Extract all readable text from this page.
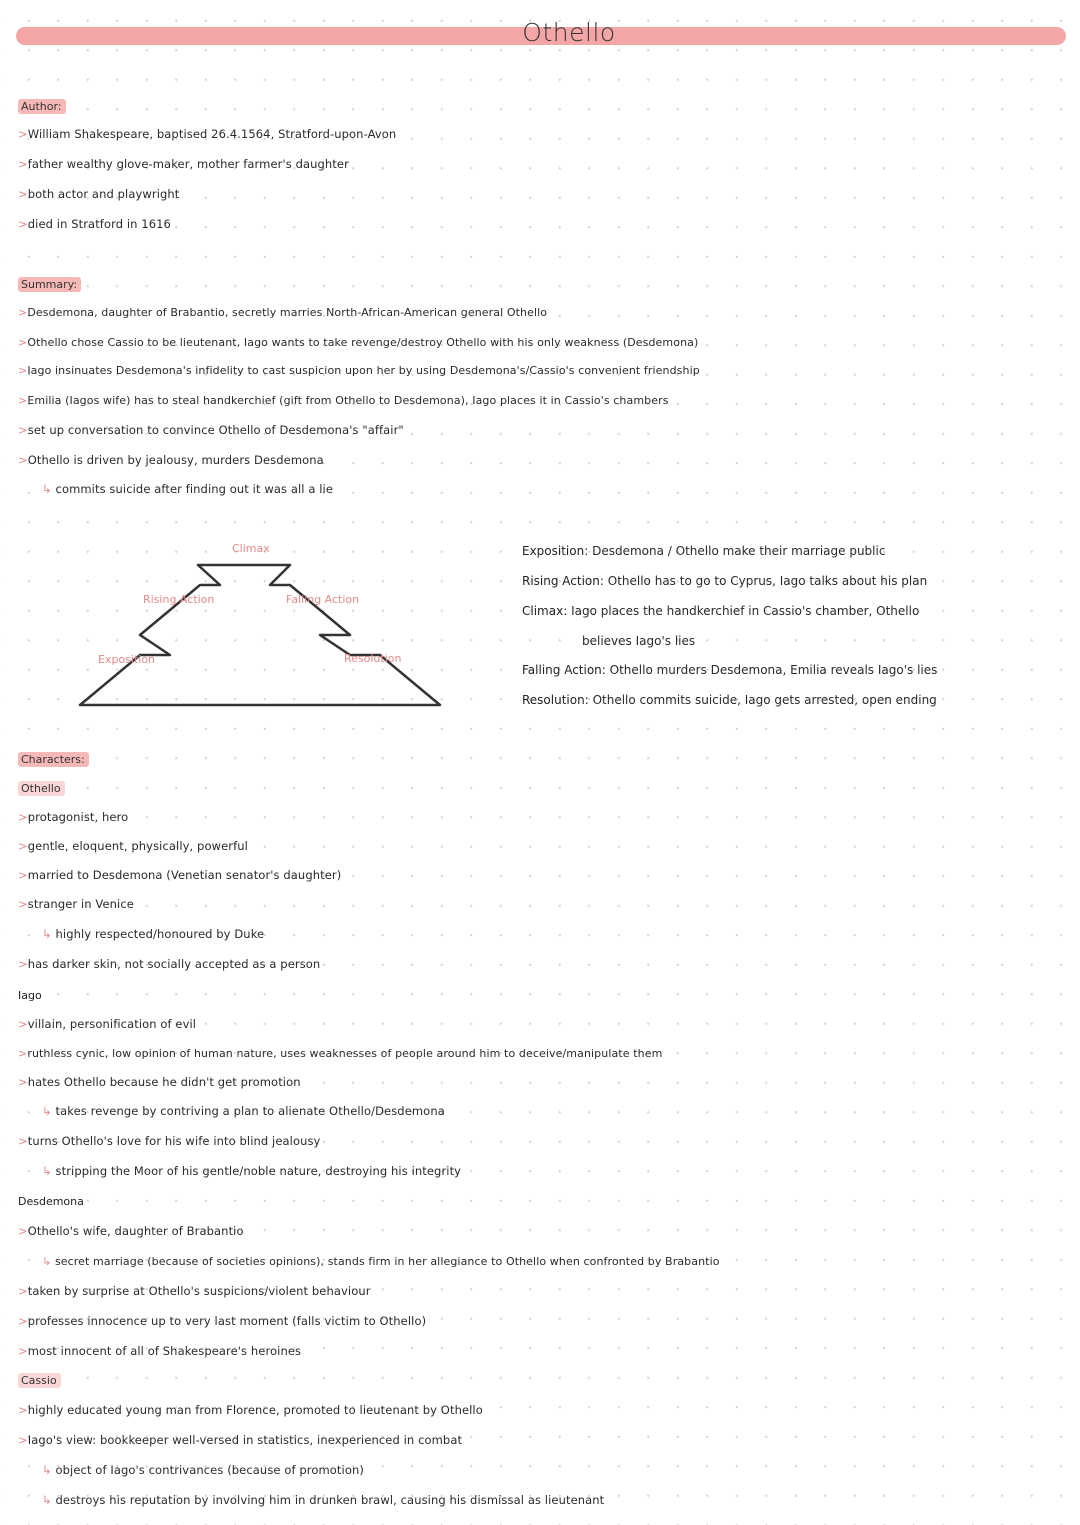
Othello
Author:
>William Shakespeare, baptised 26.4.1564, Stratford-upon-Avon
>father wealthy glove-maker, mother farmer's daughter
>both actor and playwright
>died in Stratford in 1616
Summary:
>Desdemona, daughter of Brabantio, secretly marries North-African-American general Othello
>Othello chose Cassio to be lieutenant, Iago wants to take revenge/destroy Othello with his only weakness (Desdemona)
>Iago insinuates Desdemona's infidelity to cast suspicion upon her by using Desdemona's/Cassio's convenient friendship
>Emilia (Iagos wife) has to steal handkerchief (gift from Othello to Desdemona), Iago places it in Cassio's chambers
>set up conversation to convince Othello of Desdemona's "affair"
>Othello is driven by jealousy, murders Desdemona
↳ commits suicide after finding out it was all a lie
Climax
Rising Action	Falling Action
Exposition	Resolution
Exposition: Desdemona / Othello make their marriage public
Rising Action: Othello has to go to Cyprus, Iago talks about his plan
Climax: Iago places the handkerchief in Cassio's chamber, Othello
believes Iago's lies
Falling Action: Othello murders Desdemona, Emilia reveals Iago's lies
Resolution: Othello commits suicide, Iago gets arrested, open ending
Characters:
Othello
>protagonist, hero
>gentle, eloquent, physically, powerful
>married to Desdemona (Venetian senator's daughter)
>stranger in Venice
↳ highly respected/honoured by Duke
>has darker skin, not socially accepted as a person
Iago
>villain, personification of evil
>ruthless cynic, low opinion of human nature, uses weaknesses of people around him to deceive/manipulate them
>hates Othello because he didn't get promotion
↳ takes revenge by contriving a plan to alienate Othello/Desdemona
>turns Othello's love for his wife into blind jealousy
↳ stripping the Moor of his gentle/noble nature, destroying his integrity
Desdemona
>Othello's wife, daughter of Brabantio
↳ secret marriage (because of societies opinions), stands firm in her allegiance to Othello when confronted by Brabantio
>taken by surprise at Othello's suspicions/violent behaviour
>professes innocence up to very last moment (falls victim to Othello)
>most innocent of all of Shakespeare's heroines
Cassio
>highly educated young man from Florence, promoted to lieutenant by Othello
>Iago's view: bookkeeper well-versed in statistics, inexperienced in combat
↳ object of Iago's contrivances (because of promotion)
↳ destroys his reputation by involving him in drunken brawl, causing his dismissal as lieutenant
